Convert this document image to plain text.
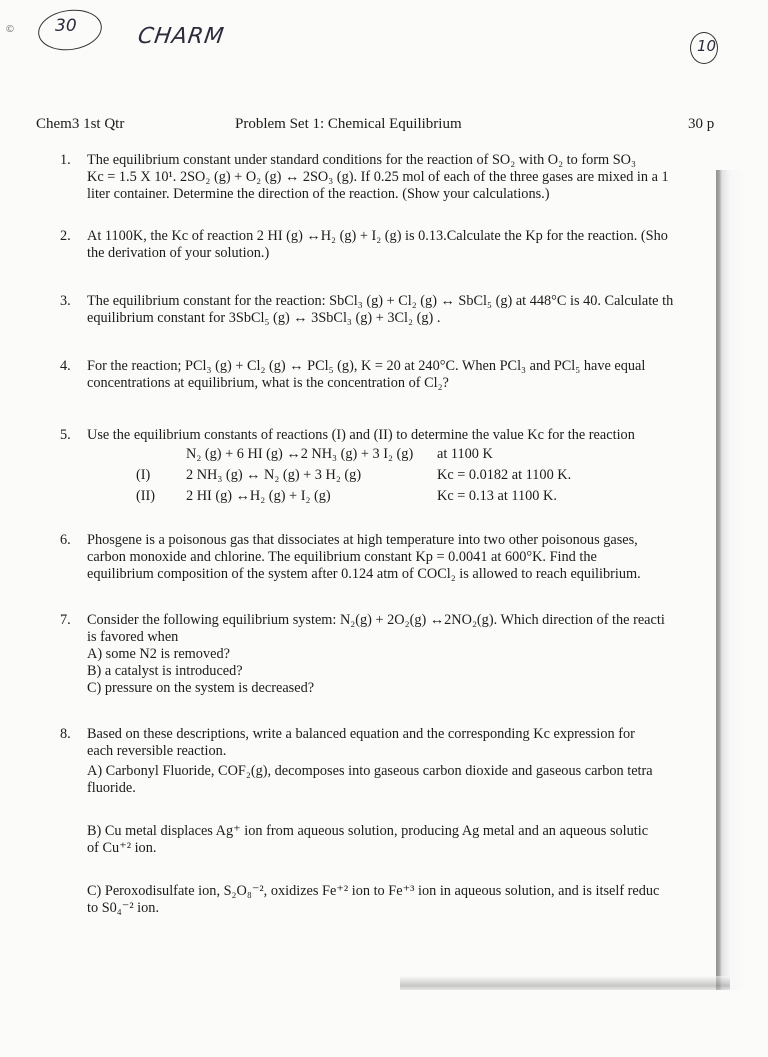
© 30	CHARM	10
Chem3 1st Qtr	Problem Set 1: Chemical Equilibrium	30 p
1. The equilibrium constant under standard conditions for the reaction of SO₂ with O₂ to form SO₃
Kc = 1.5 X 10¹. 2SO₂ (g) + O₂ (g) ↔ 2SO₃ (g). If 0.25 mol of each of the three gases are mixed in a 1
liter container. Determine the direction of the reaction. (Show your calculations.)
2. At 1100K, the Kc of reaction 2 HI (g) ↔H₂ (g) + I₂ (g) is 0.13.Calculate the Kp for the reaction. (Sho
the derivation of your solution.)
3. The equilibrium constant for the reaction: SbCl₃ (g) + Cl₂ (g) ↔ SbCl₅ (g) at 448°C is 40. Calculate th
equilibrium constant for 3SbCl₅ (g) ↔ 3SbCl₃ (g) + 3Cl₂ (g) .
4. For the reaction; PCl₃ (g) + Cl₂ (g) ↔ PCl₅ (g), K = 20 at 240°C. When PCl₃ and PCl₅ have equal
concentrations at equilibrium, what is the concentration of Cl₂?
5. Use the equilibrium constants of reactions (I) and (II) to determine the value Kc for the reaction
N₂ (g) + 6 HI (g) ↔2 NH₃ (g) + 3 I₂ (g) at 1100 K
(I) 2 NH₃ (g) ↔ N₂ (g) + 3 H₂ (g)	Kc = 0.0182 at 1100 K.
(II) 2 HI (g) ↔H₂ (g) + I₂ (g)	Kc = 0.13 at 1100 K.
6. Phosgene is a poisonous gas that dissociates at high temperature into two other poisonous gases,
carbon monoxide and chlorine. The equilibrium constant Kp = 0.0041 at 600°K. Find the
equilibrium composition of the system after 0.124 atm of COCl₂ is allowed to reach equilibrium.
7. Consider the following equilibrium system: N₂(g) + 2O₂(g) ↔2NO₂(g). Which direction of the reacti
is favored when
A) some N2 is removed?
B) a catalyst is introduced?
C) pressure on the system is decreased?
8. Based on these descriptions, write a balanced equation and the corresponding Kc expression for
each reversible reaction.
A) Carbonyl Fluoride, COF₂(g), decomposes into gaseous carbon dioxide and gaseous carbon tetra
fluoride.
B) Cu metal displaces Ag⁺ ion from aqueous solution, producing Ag metal and an aqueous solutic
of Cu⁺² ion.
C) Peroxodisulfate ion, S₂O₈⁻², oxidizes Fe⁺² ion to Fe⁺³ ion in aqueous solution, and is itself reduc
to S0₄⁻² ion.
